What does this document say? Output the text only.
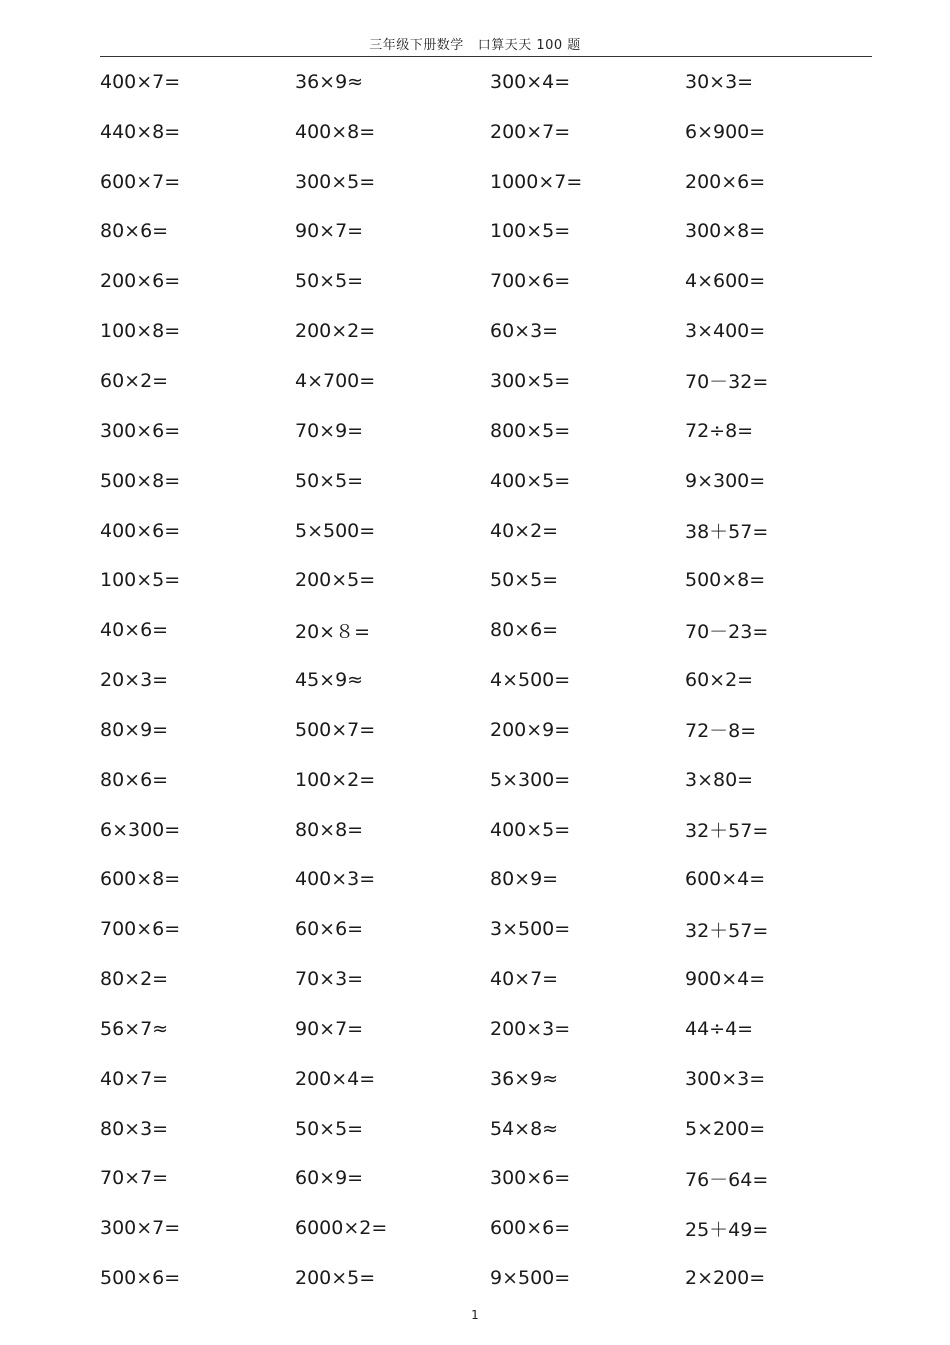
三年级下册数学 口算天天 100 题
400×7=	36×9≈	300×4=	30×3=
440×8=	400×8=	200×7=	6×900=
600×7=	300×5=	1000×7=	200×6=
80×6=	90×7=	100×5=	300×8=
200×6=	50×5=	700×6=	4×600=
100×8=	200×2=	60×3=	3×400=
60×2=	4×700=	300×5=	70－32=
300×6=	70×9=	800×5=	72÷8=
500×8=	50×5=	400×5=	9×300=
400×6=	5×500=	40×2=	38＋57=
100×5=	200×5=	50×5=	500×8=
40×6=	20×８=	80×6=	70－23=
20×3=	45×9≈	4×500=	60×2=
80×9=	500×7=	200×9=	72－8=
80×6=	100×2=	5×300=	3×80=
6×300=	80×8=	400×5=	32＋57=
600×8=	400×3=	80×9=	600×4=
700×6=	60×6=	3×500=	32＋57=
80×2=	70×3=	40×7=	900×4=
56×7≈	90×7=	200×3=	44÷4=
40×7=	200×4=	36×9≈	300×3=
80×3=	50×5=	54×8≈	5×200=
70×7=	60×9=	300×6=	76－64=
300×7=	6000×2=	600×6=	25＋49=
500×6=	200×5=	9×500=	2×200=
1
